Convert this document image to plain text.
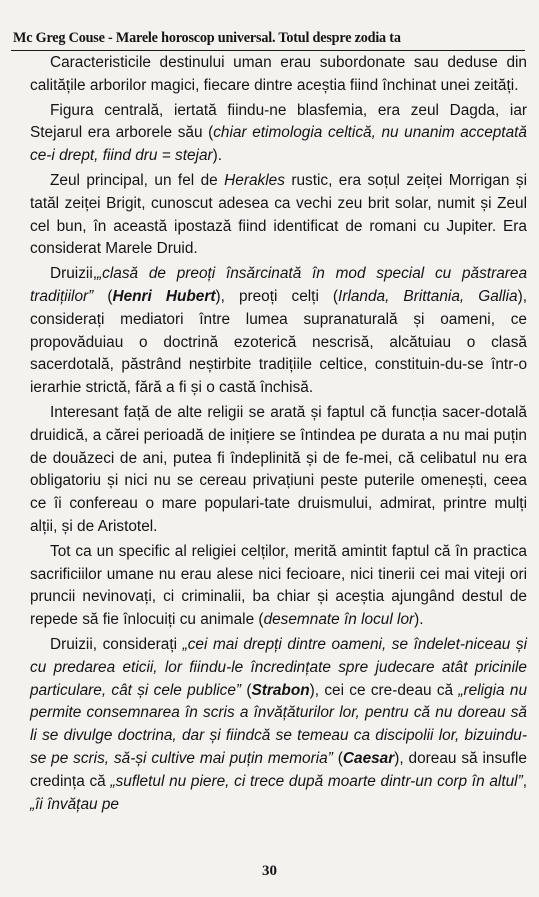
Mc Greg Couse - Marele horoscop universal. Totul despre zodia ta

Caracteristicile destinului uman erau subordonate sau deduse din calitățile arborilor magici, fiecare dintre aceștia fiind închinat unei zeități.

Figura centrală, iertată fiindu-ne blasfemia, era zeul Dagda, iar Stejarul era arborele său (chiar etimologia celtică, nu unanim acceptată ce-i drept, fiind dru = stejar).

Zeul principal, un fel de Herakles rustic, era soțul zeiței Morrigan și tatăl zeiței Brigit, cunoscut adesea ca vechi zeu brit solar, numit și Zeul cel bun, în această ipostază fiind identificat de romani cu Jupiter. Era considerat Marele Druid.

Druizii,„clasă de preoți însărcinată în mod special cu păstrarea tradițiilor” (Henri Hubert), preoți celți (Irlanda, Brittania, Gallia), considerați mediatori între lumea supranaturală și oameni, ce propovăduiau o doctrină ezoterică nescrisă, alcătuiau o clasă sacerdotală, păstrând neștirbite tradițiile celtice, constituin-du-se într-o ierarhie strictă, fără a fi și o castă închisă.

Interesant față de alte religii se arată și faptul că funcția sacer-dotală druidică, a cărei perioadă de inițiere se întindea pe durata a nu mai puțin de douăzeci de ani, putea fi îndeplinită și de fe-mei, că celibatul nu era obligatoriu și nici nu se cereau privațiuni peste puterile omenești, ceea ce îi confereau o mare populari-tate druismului, admirat, printre mulți alții, și de Aristotel.

Tot ca un specific al religiei celților, merită amintit faptul că în practica sacrificiilor umane nu erau alese nici fecioare, nici tinerii cei mai viteji ori pruncii nevinovați, ci criminalii, ba chiar și aceștia ajungând destul de repede să fie înlocuiți cu animale (desemnate în locul lor).

Druizii, considerați „cei mai drepți dintre oameni, se îndelet-niceau și cu predarea eticii, lor fiindu-le încredințate spre judecare atât pricinile particulare, cât și cele publice” (Strabon), cei ce cre-deau că „religia nu permite consemnarea în scris a învățăturilor lor, pentru că nu doreau să li se divulge doctrina, dar și fiindcă se temeau ca discipolii lor, bizuindu-se pe scris, să-și cultive mai puțin memoria” (Caesar), doreau să insufle credința că „sufletul nu piere, ci trece după moarte dintr-un corp în altul”, „îi învățau pe

30
